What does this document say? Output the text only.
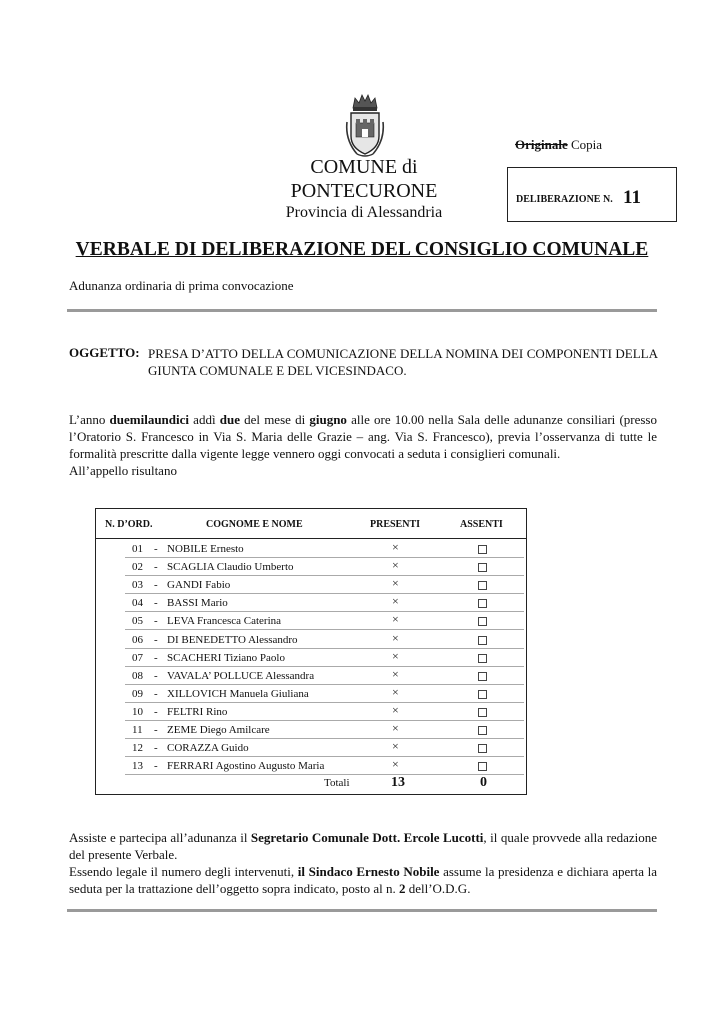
COMUNE di
PONTECURONE
Provincia di Alessandria
Originale Copia
DELIBERAZIONE N. 11
VERBALE DI DELIBERAZIONE DEL CONSIGLIO COMUNALE
Adunanza ordinaria di prima convocazione
OGGETTO: PRESA D’ATTO DELLA COMUNICAZIONE DELLA NOMINA DEI COMPONENTI DELLA GIUNTA COMUNALE E DEL VICESINDACO.
L’anno duemilaundici addì due del mese di giugno alle ore 10.00 nella Sala delle adunanze consiliari (presso l’Oratorio S. Francesco in Via S. Maria delle Grazie – ang. Via S. Francesco), previa l’osservanza di tutte le formalità prescritte dalla vigente legge vennero oggi convocati a seduta i consiglieri comunali.
All’appello risultano
N. D’ORD.	COGNOME E NOME	PRESENTI	ASSENTI
01 - NOBILE Ernesto	×
02 - SCAGLIA Claudio Umberto	×
03 - GANDI Fabio	×
04 - BASSI Mario	×
05 - LEVA Francesca Caterina	×
06 - DI BENEDETTO Alessandro	×
07 - SCACHERI Tiziano Paolo	×
08 - VAVALA’ POLLUCE Alessandra	×
09 - XILLOVICH Manuela Giuliana	×
10 - FELTRI Rino	×
11 - ZEME Diego Amilcare	×
12 - CORAZZA Guido	×
13 - FERRARI Agostino Augusto Maria	×
Totali	13	0
Assiste e partecipa all’adunanza il Segretario Comunale Dott. Ercole Lucotti, il quale provvede alla redazione del presente Verbale.
Essendo legale il numero degli intervenuti, il Sindaco Ernesto Nobile assume la presidenza e dichiara aperta la seduta per la trattazione dell’oggetto sopra indicato, posto al n. 2 dell’O.D.G.
